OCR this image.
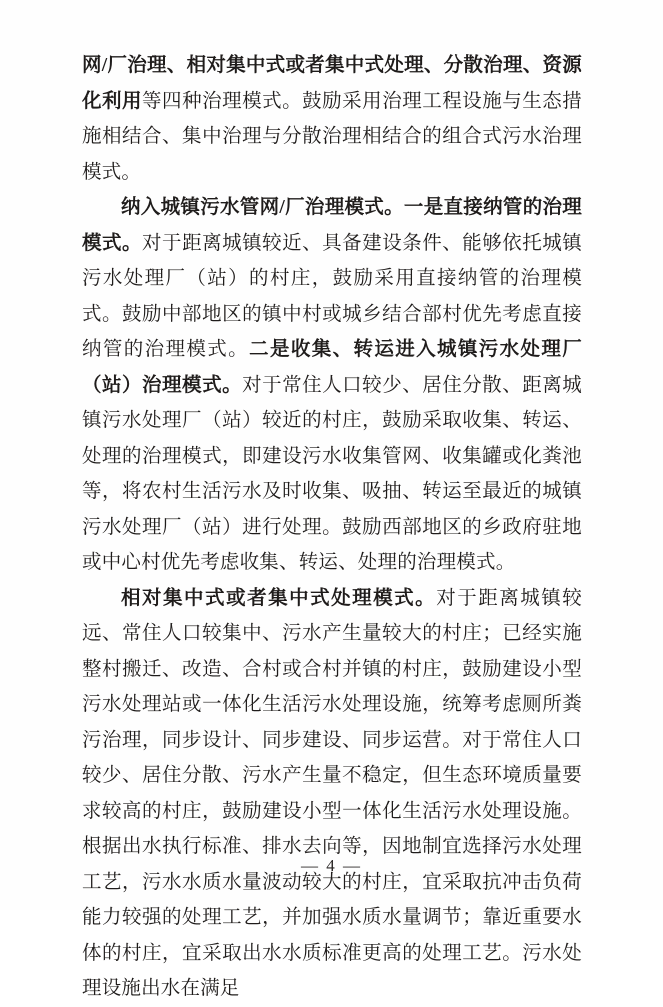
网/厂治理、相对集中式或者集中式处理、分散治理、资源化利用等四种治理模式。鼓励采用治理工程设施与生态措施相结合、集中治理与分散治理相结合的组合式污水治理模式。

纳入城镇污水管网/厂治理模式。一是直接纳管的治理模式。对于距离城镇较近、具备建设条件、能够依托城镇污水处理厂（站）的村庄，鼓励采用直接纳管的治理模式。鼓励中部地区的镇中村或城乡结合部村优先考虑直接纳管的治理模式。二是收集、转运进入城镇污水处理厂（站）治理模式。对于常住人口较少、居住分散、距离城镇污水处理厂（站）较近的村庄，鼓励采取收集、转运、处理的治理模式，即建设污水收集管网、收集罐或化粪池等，将农村生活污水及时收集、吸抽、转运至最近的城镇污水处理厂（站）进行处理。鼓励西部地区的乡政府驻地或中心村优先考虑收集、转运、处理的治理模式。

相对集中式或者集中式处理模式。对于距离城镇较远、常住人口较集中、污水产生量较大的村庄；已经实施整村搬迁、改造、合村或合村并镇的村庄，鼓励建设小型污水处理站或一体化生活污水处理设施，统筹考虑厕所粪污治理，同步设计、同步建设、同步运营。对于常住人口较少、居住分散、污水产生量不稳定，但生态环境质量要求较高的村庄，鼓励建设小型一体化生活污水处理设施。根据出水执行标准、排水去向等，因地制宜选择污水处理工艺，污水水质水量波动较大的村庄，宜采取抗冲击负荷能力较强的处理工艺，并加强水质水量调节；靠近重要水体的村庄，宜采取出水水质标准更高的处理工艺。污水处理设施出水在满足

— 4 —
